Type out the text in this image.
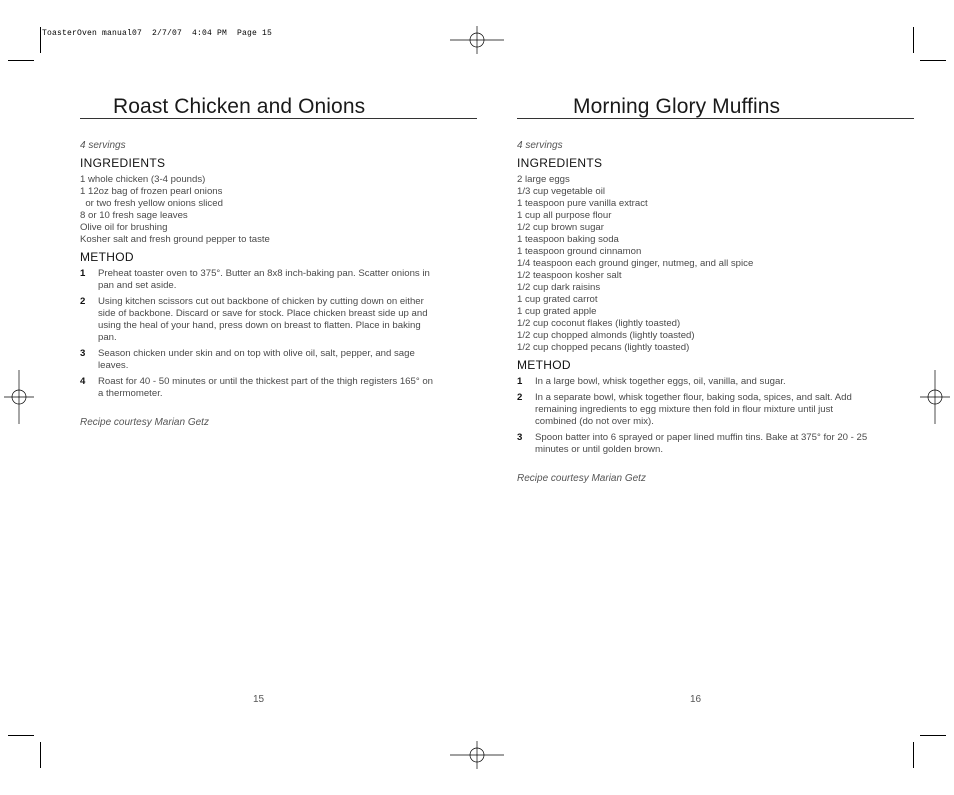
ToasterOven manual07  2/7/07  4:04 PM  Page 15
Roast Chicken and Onions
4 servings
INGREDIENTS
1 whole chicken (3-4 pounds)
1 12oz bag of frozen pearl onions
or two fresh yellow onions sliced
8 or 10 fresh sage leaves
Olive oil for brushing
Kosher salt and fresh ground pepper to taste
METHOD
1 Preheat toaster oven to 375°. Butter an 8x8 inch-baking pan. Scatter onions in pan and set aside.
2 Using kitchen scissors cut out backbone of chicken by cutting down on either side of backbone. Discard or save for stock. Place chicken breast side up and using the heal of your hand, press down on breast to flatten. Place in baking pan.
3 Season chicken under skin and on top with olive oil, salt, pepper, and sage leaves.
4 Roast for 40 - 50 minutes or until the thickest part of the thigh registers 165° on a thermometer.
Recipe courtesy Marian Getz
15
Morning Glory Muffins
4 servings
INGREDIENTS
2 large eggs
1/3 cup vegetable oil
1 teaspoon pure vanilla extract
1 cup all purpose flour
1/2 cup brown sugar
1 teaspoon baking soda
1 teaspoon ground cinnamon
1/4 teaspoon each ground ginger, nutmeg, and all spice
1/2 teaspoon kosher salt
1/2 cup dark raisins
1 cup grated carrot
1 cup grated apple
1/2 cup coconut flakes (lightly toasted)
1/2 cup chopped almonds (lightly toasted)
1/2 cup chopped pecans (lightly toasted)
METHOD
1 In a large bowl, whisk together eggs, oil, vanilla, and sugar.
2 In a separate bowl, whisk together flour, baking soda, spices, and salt. Add remaining ingredients to egg mixture then fold in flour mixture until just combined (do not over mix).
3 Spoon batter into 6 sprayed or paper lined muffin tins. Bake at 375° for 20 - 25 minutes or until golden brown.
Recipe courtesy Marian Getz
16
